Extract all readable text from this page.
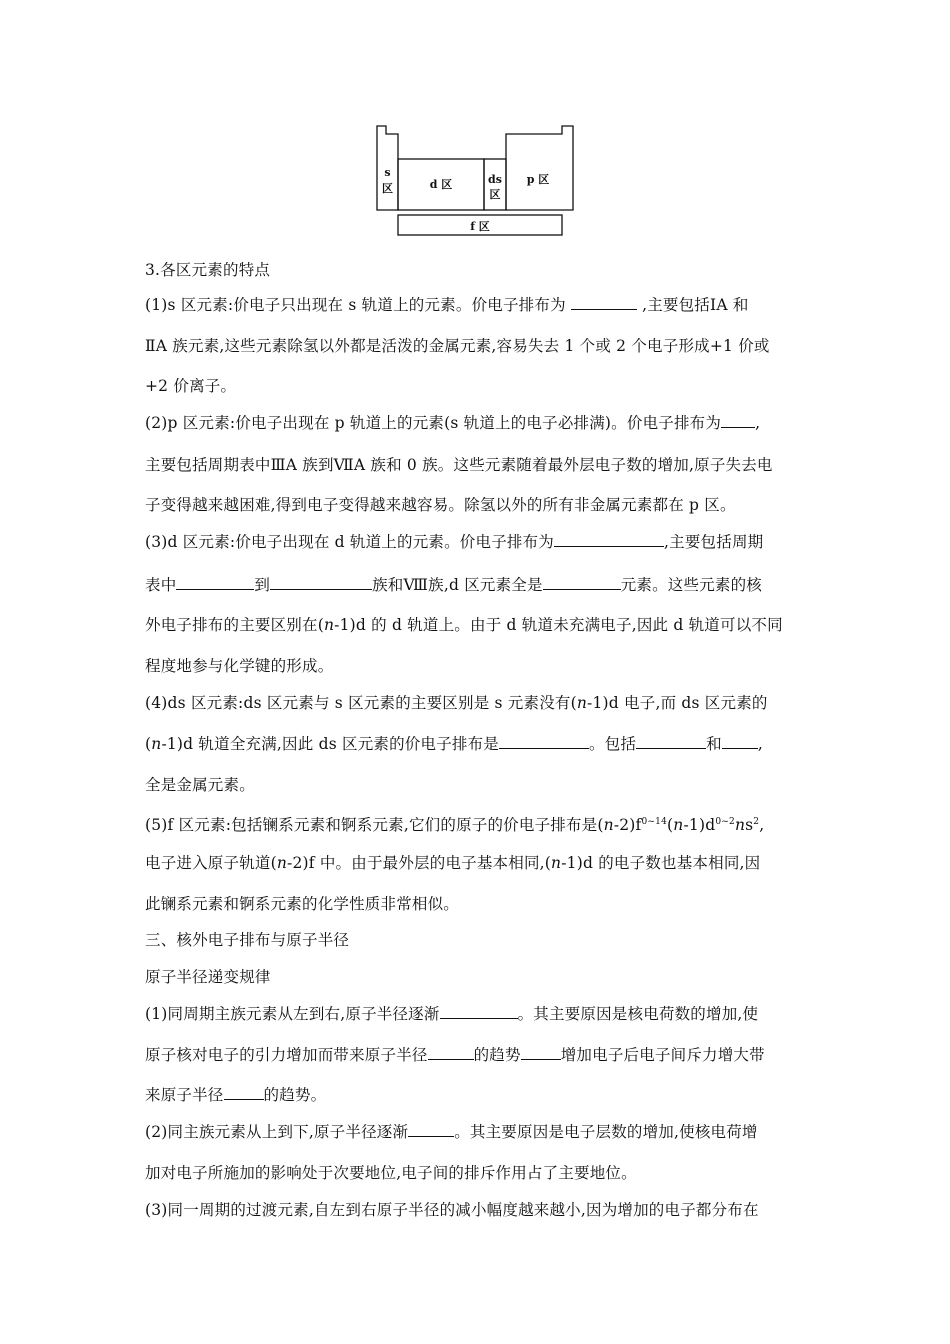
s
区	d 区	ds
区
p 区
f 区
3.各区元素的特点
(1)s 区元素:价电子只出现在 s 轨道上的元素。价电子排布为	,主要包括ⅠA 和
ⅡA 族元素,这些元素除氢以外都是活泼的金属元素,容易失去 1 个或 2 个电子形成+1 价或
+2 价离子。
(2)p 区元素:价电子出现在 p 轨道上的元素(s 轨道上的电子必排满)。价电子排布为 ,
主要包括周期表中ⅢA 族到ⅦA 族和 0 族。这些元素随着最外层电子数的增加,原子失去电
子变得越来越困难,得到电子变得越来越容易。除氢以外的所有非金属元素都在 p 区。
(3)d 区元素:价电子出现在 d 轨道上的元素。价电子排布为	,主要包括周期
表中	到	族和Ⅷ族,d 区元素全是	元素。这些元素的核
外电子排布的主要区别在(n-1)d 的 d 轨道上。由于 d 轨道未充满电子,因此 d 轨道可以不同
程度地参与化学键的形成。
(4)ds 区元素:ds 区元素与 s 区元素的主要区别是 s 元素没有(n-1)d 电子,而 ds 区元素的
(n-1)d 轨道全充满,因此 ds 区元素的价电子排布是	。包括	和 ,
全是金属元素。
(5)f 区元素:包括镧系元素和锕系元素,它们的原子的价电子排布是$(n-2)f^{0\sim 14}(n-1)d^{0\sim 2}ns^2$,
电子进入原子轨道(n-2)f 中。由于最外层的电子基本相同,(n-1)d 的电子数也基本相同,因
此镧系元素和锕系元素的化学性质非常相似。
三、核外电子排布与原子半径
原子半径递变规律
(1)同周期主族元素从左到右,原子半径逐渐	。其主要原因是核电荷数的增加,使
原子核对电子的引力增加而带来原子半径	的趋势	增加电子后电子间斥力增大带
来原子半径	的趋势。
(2)同主族元素从上到下,原子半径逐渐	。其主要原因是电子层数的增加,使核电荷增
加对电子所施加的影响处于次要地位,电子间的排斥作用占了主要地位。
(3)同一周期的过渡元素,自左到右原子半径的减小幅度越来越小,因为增加的电子都分布在
